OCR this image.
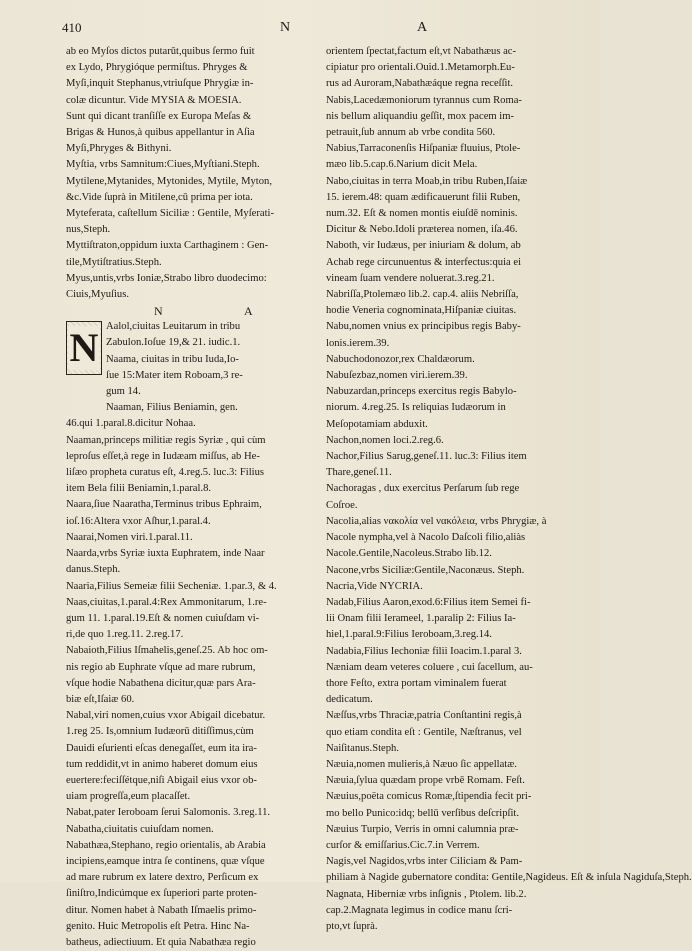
410	N	A
ab eo Myſos dictos putarūt,quibus ſermo fuit
ex Lydo, Phrygióque permiſtus. Phryges &
Myſi,inquit Stephanus,vtriuſque Phrygiæ in-
colæ dicuntur. Vide MYSIA & MOESIA.
Sunt qui dicant tranſiſſe ex Europa Meſas &
Brigas & Hunos,à quibus appellantur in Aſia
Myſi,Phryges & Bithyni.
Myſtia, vrbs Samnitum:Ciues,Myſtiani.Steph.
Mytilene,Mytanides, Mytonides, Mytile, Myton,
&c.Vide ſuprà in Mitilene,cū prima per iota.
Myteferata, caſtellum Siciliæ : Gentile, Myſerati-
nus,Steph.
Myttiſtraton,oppidum iuxta Carthaginem : Gen-
tile,Mytiſtratius.Steph.
Myus,untis,vrbs Ioniæ,Strabo libro duodecimo:
Ciuis,Myuſius.
N	A
N Aalol,ciuitas Leuitarum in tribu
Zabulon.Ioſue 19,& 21. iudic.1.
Naama, ciuitas in tribu Iuda,Io-
ſue 15:Mater item Roboam,3 re-
gum 14.
Naaman, Filius Beniamin, gen.
46.qui 1.paral.8.dicitur Nohaa.
Naaman,princeps militiæ regis Syriæ , qui cùm
leproſus eſſet,à rege in Iudæam miſſus, ab He-
liſæo propheta curatus eſt, 4.reg.5. luc.3: Filius
item Bela filii Beniamin,1.paral.8.
Naara,ſiue Naaratha,Terminus tribus Ephraim,
ioſ.16:Altera vxor Aſhur,1.paral.4.
Naarai,Nomen viri.1.paral.11.
Naarda,vrbs Syriæ iuxta Euphratem, inde Naar
danus.Steph.
Naaria,Filius Semeiæ filii Secheniæ. 1.par.3, & 4.
Naas,ciuitas,1.paral.4:Rex Ammonitarum, 1.re-
gum 11. 1.paral.19.Eſt & nomen cuiuſdam vi-
ri,de quo 1.reg.11. 2.reg.17.
Nabaioth,Filius Iſmahelis,geneſ.25. Ab hoc om-
nis regio ab Euphrate vſque ad mare rubrum,
vſque hodie Nabathena dicitur,quæ pars Ara-
biæ eſt,Iſaiæ 60.
Nabal,viri nomen,cuius vxor Abigail dicebatur.
1.reg 25. Is,omnium Iudæorū ditiſſimus,cùm
Dauidi eſurienti eſcas denegaſſet, eum ita ira-
tum reddidit,vt in animo haberet domum eius
euertere:feciſſétque,niſi Abigail eius vxor ob-
uiam progreſſa,eum placaſſet.
Nabat,pater Ieroboam ſerui Salomonis. 3.reg.11.
Nabatha,ciuitatis cuiuſdam nomen.
Nabathæa,Stephano, regio orientalis, ab Arabia
incipiens,eamque intra ſe continens, quæ vſque
ad mare rubrum ex latere dextro, Perſicum ex
ſiniſtro,Indicúmque ex ſuperiori parte proten-
ditur. Nomen habet à Nabath Iſmaelis primo-
genito. Huic Metropolis eſt Petra. Hinc Na-
batheus, adiectiuum. Et quia Nabathæa regio
orientem ſpectat,factum eſt,vt Nabathæus ac-
cipiatur pro orientali.Ouid.1.Metamorph.Eu-
rus ad Auroram,Nabathæáque regna receſſit.
Nabis,Lacedæmoniorum tyrannus cum Roma-
nis bellum aliquandiu geſſit, mox pacem im-
petrauit,ſub annum ab vrbe condita 560.
Nabius,Tarraconenſis Hiſpaniæ fluuius, Ptole-
mæo lib.5.cap.6.Narium dicit Mela.
Nabo,ciuitas in terra Moab,in tribu Ruben,Iſaiæ
15. ierem.48: quam ædificauerunt filii Ruben,
num.32. Eſt & nomen montis eiuſdē nominis.
Dicitur & Nebo.Idoli præterea nomen, iſa.46.
Naboth, vir Iudæus, per iniuriam & dolum, ab
Achab rege circunuentus & interfectus:quia ei
vineam ſuam vendere noluerat.3.reg.21.
Nabriſſa,Ptolemæo lib.2. cap.4. aliis Nebriſſa,
hodie Veneria cognominata,Hiſpaniæ ciuitas.
Nabu,nomen vnius ex principibus regis Baby-
lonis.ierem.39.
Nabuchodonozor,rex Chaldæorum.
Nabuſezbaz,nomen viri.ierem.39.
Nabuzardan,princeps exercitus regis Babylo-
niorum. 4.reg.25. Is reliquias Iudæorum in
Meſopotamiam abduxit.
Nachon,nomen loci.2.reg.6.
Nachor,Filius Sarug,geneſ.11. luc.3: Filius item
Thare,geneſ.11.
Nachoragas , dux exercitus Perſarum ſub rege
Coſroe.
Nacolia,alias νακολία vel νακόλεια, vrbs Phrygiæ, à
Nacole nympha,vel à Nacolo Daſcoli filio,aliàs
Nacole.Gentile,Nacoleus.Strabo lib.12.
Nacone,vrbs Siciliæ:Gentile,Naconæus. Steph.
Nacria,Vide NYCRIA.
Nadab,Filius Aaron,exod.6:Filius item Semei fi-
lii Onam filii Ierameel, 1.paralip 2: Filius Ia-
hiel,1.paral.9:Filius Ieroboam,3.reg.14.
Nadabia,Filius Iechoniæ filii Ioacim.1.paral 3.
Næniam deam veteres coluere , cui ſacellum, au-
thore Feſto, extra portam viminalem fuerat
dedicatum.
Næſſus,vrbs Thraciæ,patria Conſtantini regis,à
quo etiam condita eſt : Gentile, Næſtranus, vel
Naiſitanus.Steph.
Næuia,nomen mulieris,à Næuo ſic appellatæ.
Næuia,ſylua quædam prope vrbē Romam. Feſt.
Næuius,poëta comicus Romæ,ſtipendia fecit pri-
mo bello Punico:idq; bellū verſibus deſcripſit.
Næuius Turpio, Verris in omni calumnia præ-
curſor & emiſſarius.Cic.7.in Verrem.
Nagis,vel Nagidos,vrbs inter Ciliciam & Pam-
philiam à Nagide gubernatore condita: Gentile,Nagideus. Eſt & inſula Nagiduſa,Steph.
Nagnata, Hiberniæ vrbs inſignis , Ptolem. lib.2.
cap.2.Magnata legimus in codice manu ſcri-
pto,vt ſuprà.
